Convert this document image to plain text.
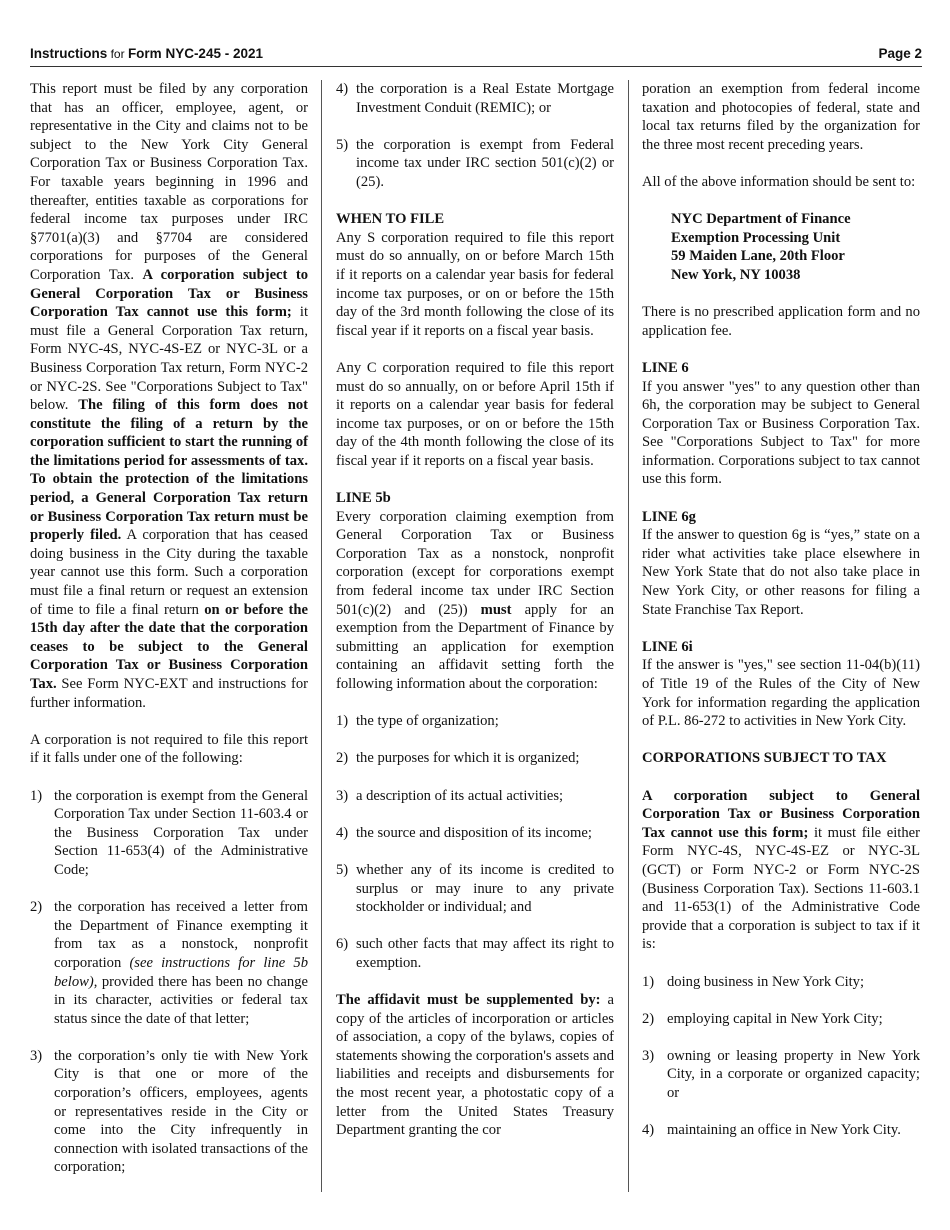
Instructions for Form NYC-245 - 2021	Page 2

This report must be filed by any corporation that has an officer, employee, agent, or representative in the City and claims not to be subject to the New York City General Corporation Tax or Business Corporation Tax. For taxable years beginning in 1996 and thereafter, entities taxable as corporations for federal income tax purposes under IRC §7701(a)(3) and §7704 are considered corporations for purposes of the General Corporation Tax. A corporation subject to General Corporation Tax or Business Corporation Tax cannot use this form; it must file a General Corporation Tax return, Form NYC-4S, NYC-4S-EZ or NYC-3L or a Business Corporation Tax return, Form NYC-2 or NYC-2S. See "Corporations Subject to Tax" below. The filing of this form does not constitute the filing of a return by the corporation sufficient to start the running of the limitations period for assessments of tax. To obtain the protection of the limitations period, a General Corporation Tax return or Business Corporation Tax return must be properly filed. A corporation that has ceased doing business in the City during the taxable year cannot use this form. Such a corporation must file a final return or request an extension of time to file a final return on or before the 15th day after the date that the corporation ceases to be subject to the General Corporation Tax or Business Corporation Tax. See Form NYC-EXT and instructions for further information.

A corporation is not required to file this report if it falls under one of the following:

1) the corporation is exempt from the General Corporation Tax under Section 11-603.4 or the Business Corporation Tax under Section 11-653(4) of the Administrative Code;
2) the corporation has received a letter from the Department of Finance exempting it from tax as a nonstock, nonprofit corporation (see instructions for line 5b below), provided there has been no change in its character, activities or federal tax status since the date of that letter;
3) the corporation’s only tie with New York City is that one or more of the corporation’s officers, employees, agents or representatives reside in the City or come into the City infrequently in connection with isolated transactions of the corporation;
4) the corporation is a Real Estate Mortgage Investment Conduit (REMIC); or
5) the corporation is exempt from Federal income tax under IRC section 501(c)(2) or (25).
WHEN TO FILE

Any S corporation required to file this report must do so annually, on or before March 15th if it reports on a calendar year basis for federal income tax purposes, or on or before the 15th day of the 3rd month following the close of its fiscal year if it reports on a fiscal year basis.

Any C corporation required to file this report must do so annually, on or before April 15th if it reports on a calendar year basis for federal income tax purposes, or on or before the 15th day of the 4th month following the close of its fiscal year if it reports on a fiscal year basis.

LINE 5b

Every corporation claiming exemption from General Corporation Tax or Business Corporation Tax as a nonstock, nonprofit corporation (except for corporations exempt from federal income tax under IRC Section 501(c)(2) and (25)) must apply for an exemption from the Department of Finance by submitting an application for exemption containing an affidavit setting forth the following information about the corporation:

1) the type of organization;
2) the purposes for which it is organized;
3) a description of its actual activities;
4) the source and disposition of its income;
5) whether any of its income is credited to surplus or may inure to any private stockholder or individual; and
6) such other facts that may affect its right to exemption.

The affidavit must be supplemented by: a copy of the articles of incorporation or articles of association, a copy of the bylaws, copies of statements showing the corporation's assets and liabilities and receipts and disbursements for the most recent year, a photostatic copy of a letter from the United States Treasury Department granting the cor

poration an exemption from federal income taxation and photocopies of federal, state and local tax returns filed by the organization for the three most recent preceding years.

All of the above information should be sent to:

NYC Department of Finance
Exemption Processing Unit
59 Maiden Lane, 20th Floor
New York, NY 10038

There is no prescribed application form and no application fee.

LINE 6

If you answer "yes" to any question other than 6h, the corporation may be subject to General Corporation Tax or Business Corporation Tax. See "Corporations Subject to Tax" for more information. Corporations subject to tax cannot use this form.

LINE 6g

If the answer to question 6g is “yes,” state on a rider what activities take place elsewhere in New York State that do not also take place in New York City, or other reasons for filing a State Franchise Tax Report.

LINE 6i

If the answer is "yes," see section 11-04(b)(11) of Title 19 of the Rules of the City of New York for information regarding the application of P.L. 86-272 to activities in New York City.

CORPORATIONS SUBJECT TO TAX

A corporation subject to General Corporation Tax or Business Corporation Tax cannot use this form; it must file either Form NYC-4S, NYC-4S-EZ or NYC-3L (GCT) or Form NYC-2 or Form NYC-2S (Business Corporation Tax). Sections 11-603.1 and 11-653(1) of the Administrative Code provide that a corporation is subject to tax if it is:

1) doing business in New York City;
2) employing capital in New York City;
3) owning or leasing property in New York City, in a corporate or organized capacity; or
4) maintaining an office in New York City.
